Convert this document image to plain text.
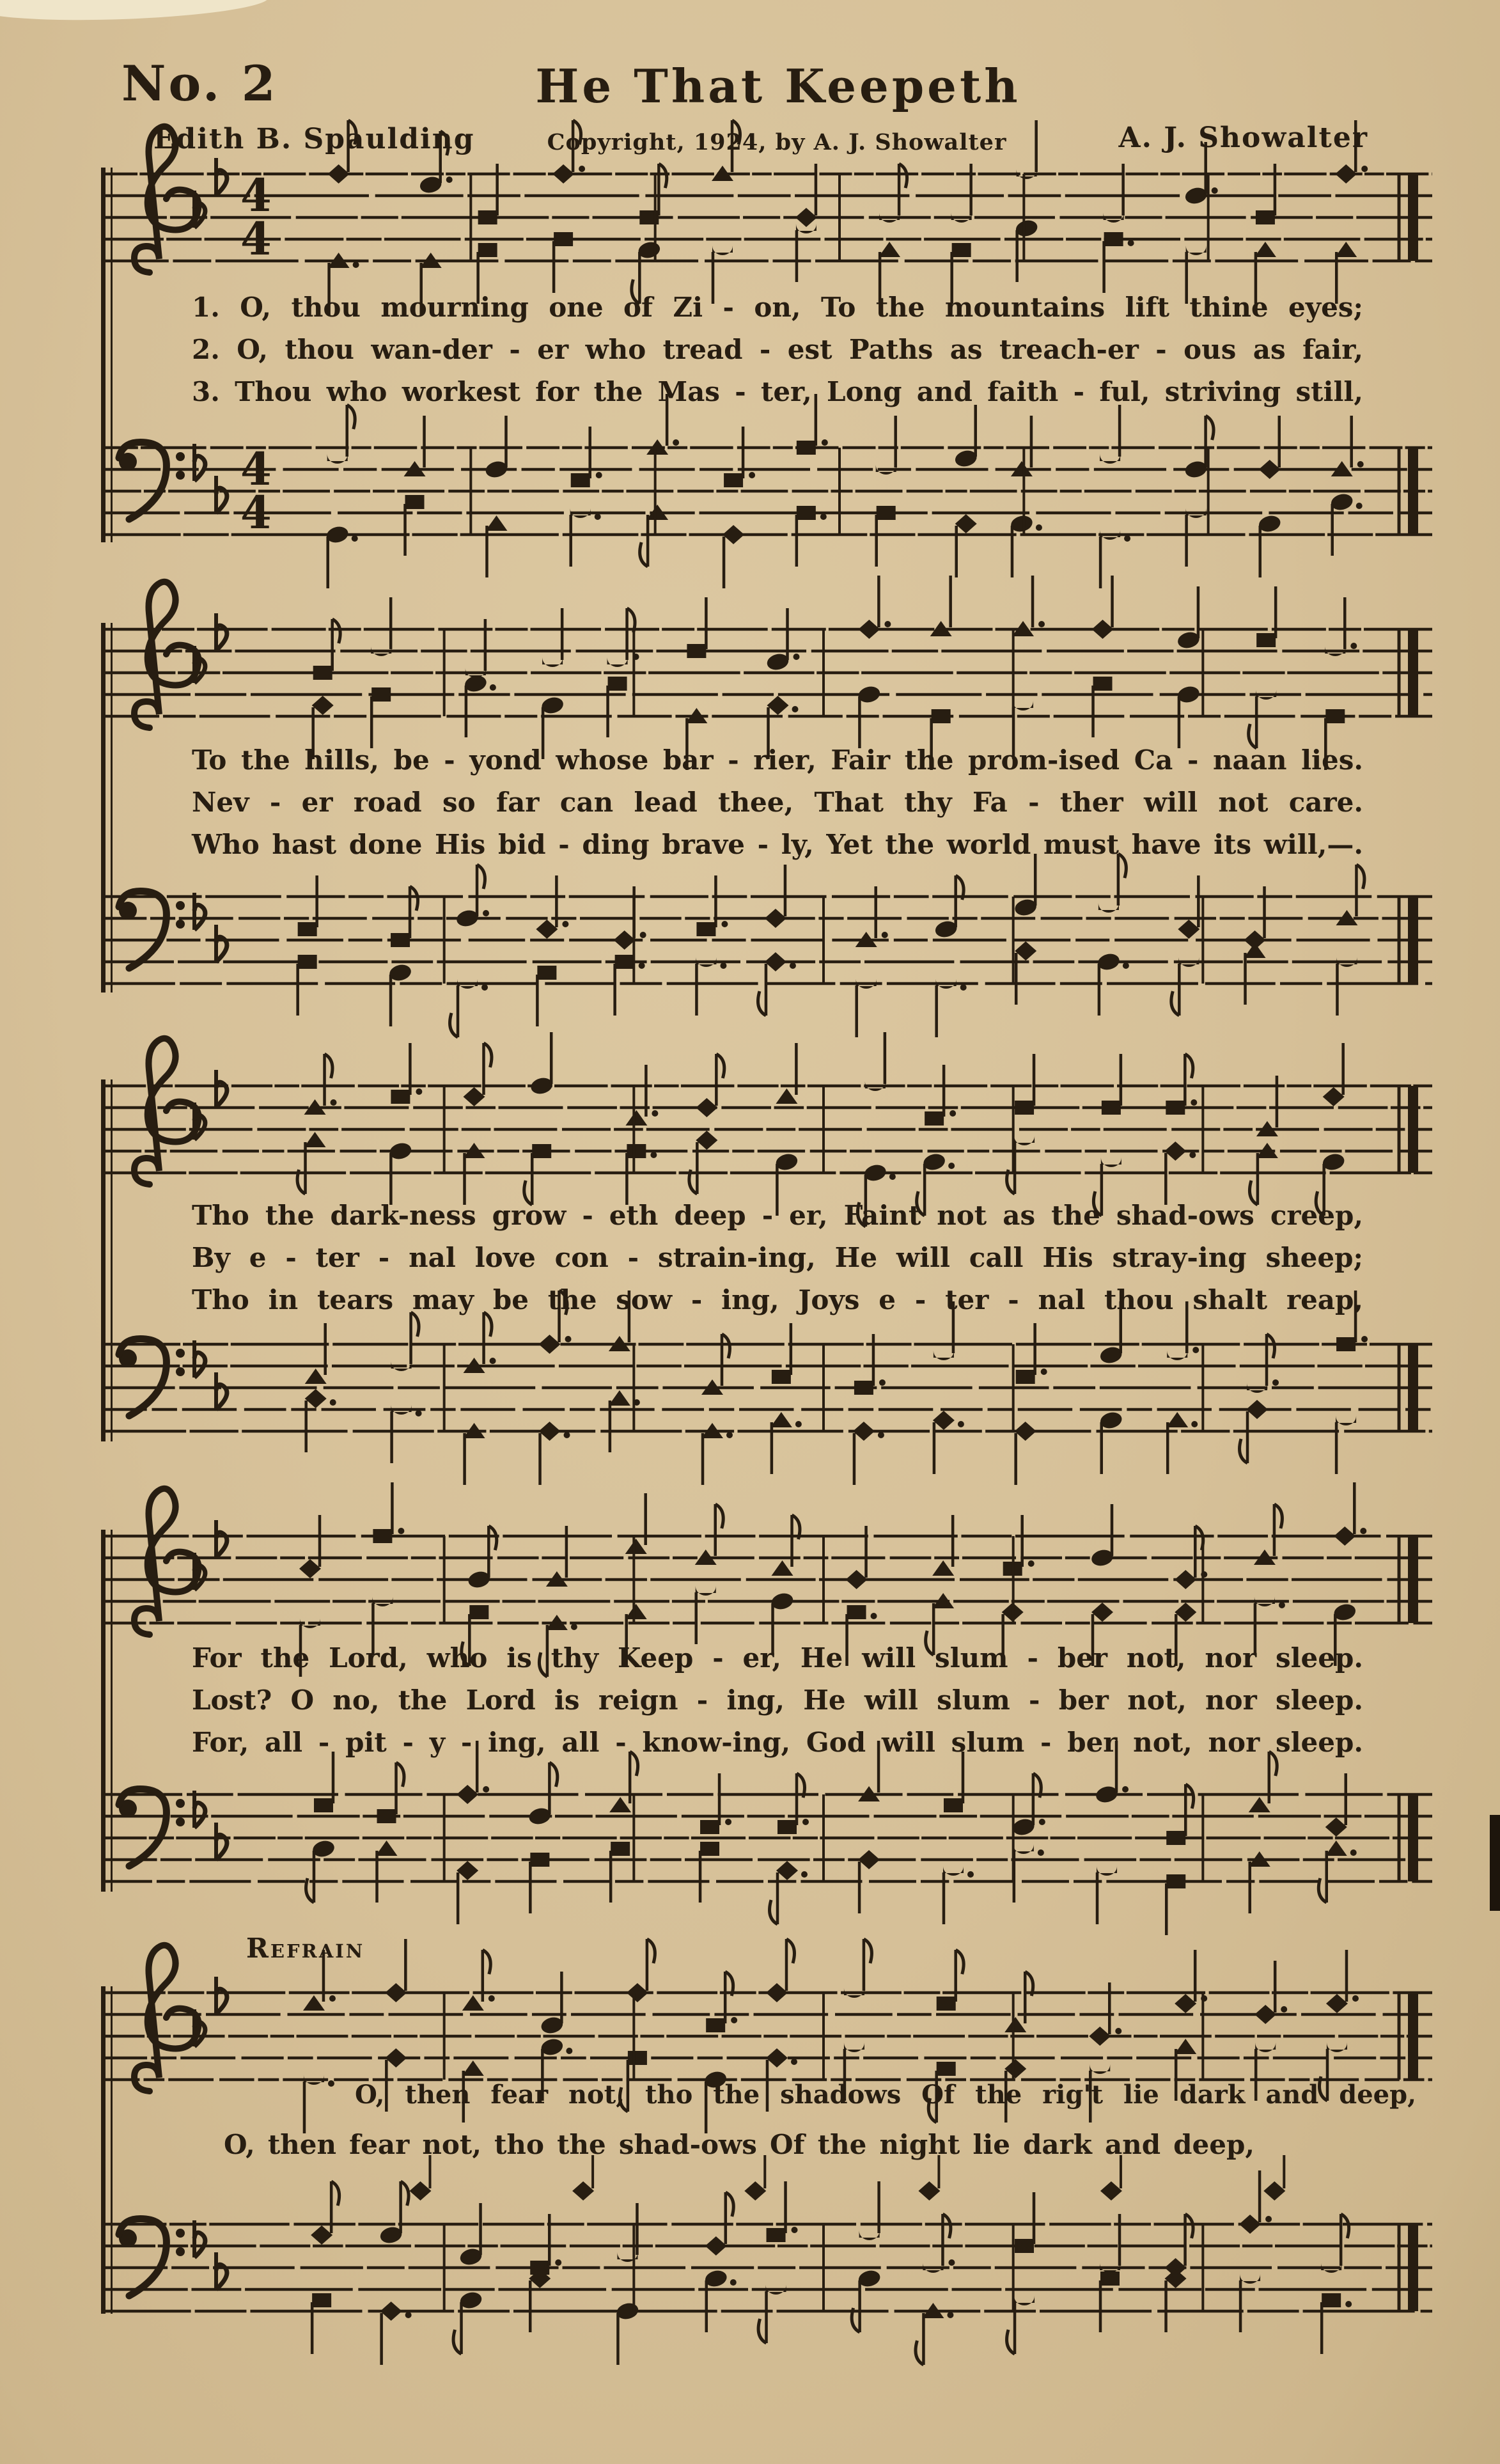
No. 2	He That Keepeth
Edith B. Spaulding	Copyright, 1924, by A. J. Showalter	A. J. Showalter
4
4
1. O, thou mourning one of Zi - on, To the mountains lift thine eyes;
2. O, thou wan-der - er who tread - est Paths as treach-er - ous as fair,
3. Thou who workest for the Mas - ter, Long and faith - ful, striving still,
4
4
To the hills, be - yond whose bar - rier, Fair the prom-ised Ca - naan lies.
Nev - er road so far can lead thee, That thy Fa - ther will not care.
Who hast done His bid - ding brave - ly, Yet the world must have its will,—.
Tho the dark-ness grow - eth deep - er, Faint not as the shad-ows creep,
By e - ter - nal love con - strain-ing, He will call His stray-ing sheep;
Tho in tears may be the sow - ing, Joys e - ter - nal thou shalt reap,
For the Lord, who is thy Keep - er, He will slum - ber not, nor sleep.
Lost? O no, the Lord is reign - ing, He will slum - ber not, nor sleep.
For, all - pit - y - ing, all - know-ing, God will slum - ber not, nor sleep.
Refrain
O, then fear not, tho the shadows Of the rig't lie dark and deep,
O, then fear not, tho the shad-ows Of the night lie dark and deep,
